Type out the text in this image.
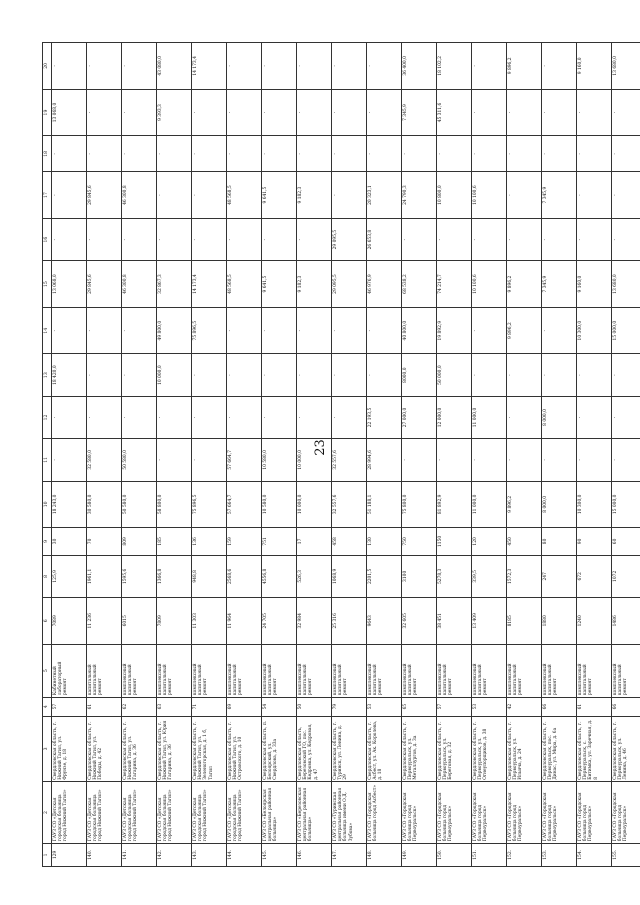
23
1	2	3	4	5	6	8	9	10	11	12	13	14	15	16	17	18	19	20
129	ГАУЗ СО «Детская городская больница город Нижний Тагил»	Свердловская область, г. Нижний Тагил, ул. Фрунзе, д. 18	57	Кабинетный лабораторный ремонт	7089	125,9	30	18 243,0	-	-	18 420,0	-	13 068,0	-	-	-	13 068,0	-
140.	ГАУЗ СО «Детская городская больница город Нижний Тагил»	Свердловская область, г. Нижний Тагил, ул. Победы, д. 42	61	капитальный капитальный ремонт	11 236	1961,1	70	30 580,0	32 580,0	-	-	-	29 845,6	-	29 845,6	-	-	-
141.	ГАУЗ СО «Детская городская больница город Нижний Тагил»	Свердловская область, г. Нижний Тагил, ул. Гагарина, д. 36	62	комплексный капитальный ремонт	6015	1595,6	809	50 580,0	50 580,0	-	-	-	46 300,8	-	46 300,8	-	-	-
142.	ГАУЗ СО «Детская городская больница город Нижний Тагил»	Свердловская область, г. Нижний Тагил, ул. Юрия Гагарина, д. 36	63	комплексный капитальный ремонт	7809	1366,8	185	58 800,0	-	-	10 000,0	49 800,0	32 867,3	-	-	-	9 393,3	43 080,0
143.	ГАУЗ СО «Детская городская больница город Нижний Тагил»	Свердловская область, г. Нижний Тагил, ул. Зеленогорская, д. 1 б, Тагил	71	комплексный капитальный ремонт	11 303	948,8	136	75 896,5	-	-	-	75 896,5	14 173,4	-	-	-	-	14 173,4
144.	ГАУЗ СО «Детская городская больница город Нижний Тагил»	Свердловская область, г. Нижний Тагил, ул. Островского, д. 10	69	комплексный капитальный ремонт	11 964	2568,6	159	57 664,7	57 664,7	-	-	-	48 568,5	-	48 568,5	-	-	-
145.	ГАУЗ СО «Белоярская центральная районная больница»	Свердловская область, п. Белоярский, ул. Свердлова, д. 33а	54	комплексный капитальный ремонт	24 705	4556,8	751	10 580,0	10 580,0	-	-	-	9 641,5	-	9 641,5	-	-	-
146.	ГАУЗ СО «Березовская центральная районная больница»	Свердловская область, Березовский ГО, пос. Кедровка, ул. Кедровая, д. 47	50	комплексный капитальный ремонт	32 984	526,3	17	10 000,0	10 000,0	-	-	-	9 182,3	-	9 182,3	-	-	-
147.	ГАУЗ СО «Туринская центральная районная больница имени О.Д. Зубова»	Свердловская область, г. Туринск, ул. Ленина, д. 29	79	комплексный капитальный ремонт	25 316	1068,9	458	32 557,6	32 557,6	-	-	-	29 095,5	29 095,5	-	-	-	-
148.	ГАУЗ СО «Городская больница город Асбест»	Свердловская область, г. Асбест, ул. Ак. Королева, д. 18	53	комплексный капитальный ремонт	9643	2201,5	130	51 188,1	28 994,6	22 193,5	-	-	46 976,9	26 653,8	20 323,1	-	-	-
149.	ГАУЗ СО «Городская больница город Первоуральск»	Свердловская область, г. Первоуральск, ул. Металлургов, д. 3а	65	комплексный капитальный ремонт	32 605	3100	750	75 800,0	-	27 000,0	8000,0	40 800,0	68 538,2	-	24 790,3	-	7 345,9	36 400,0
150.	ГАУЗ СО «Городская больница город Первоуральск»	Свердловская область, г. Первоуральск, ул. Береговая, д. 32	57	комплексный капитальный ремонт	38 451	5278,3	1150	81 892,9	-	12 000,0	50 000,0	19 892,9	74 214,7	-	10 800,0	-	45 311,6	18 102,2
151.	ГАУЗ СО «Городская больница город Первоуральск»	Свердловская область, г. Первоуральск, ул. Огнеупорщиков, д. 38	53	комплексный капитальный ремонт	13 409	339,5	120	11 000,0	-	11 000,0	-	-	10 100,6	-	10 100,6	-	-	-
152.	ГАУЗ СО «Городская больница город Первоуральск»	Свердловская область, г. Первоуральск, ул. Ильича, д. 24	42	комплексный капитальный ремонт	8185	1572,3	450	9 896,2	-	-	-	9 896,2	9 896,2	-	-	-	-	9 896,2
153.	ГАУЗ СО «Городская больница город Первоуральск»	Свердловская область, г. Первоуральск, пос. Динас, ул. Мира, д. 6а	66	комплексный капитальный ремонт	1880	247	80	8 000,0	-	8 000,0	-	-	7 345,9	-	7 345,9	-	-	-
154.	ГАУЗ СО «Городская больница город Первоуральск»	Свердловская область, г. Первоуральск, с. Битимка, ул. Заречная, д. 8	61	комплексный капитальный ремонт	1240	672	90	10 300,0	-	-	-	10 300,0	9 160,0	-	-	-	-	9 160,0
155.	ГАУЗ СО «Городская больница город Первоуральск»	Свердловская область, г. Первоуральск, ул. Ленина, д. 46	66	комплексный капитальный ремонт	1486	1072	60	15 000,0	-	-	-	15 000,0	13 680,0	-	-	-	-	13 680,0
